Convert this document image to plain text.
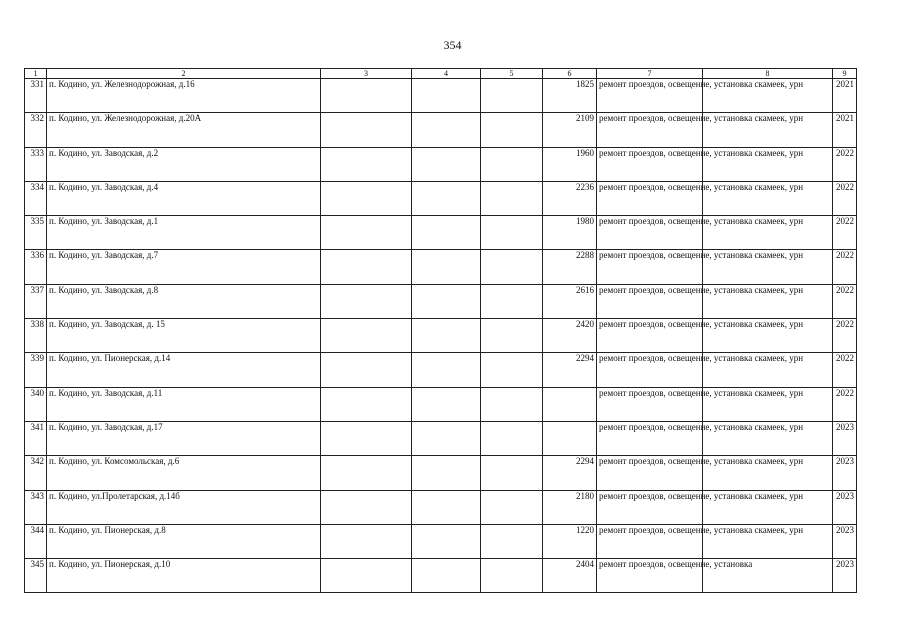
354
1	2	3	4	5	6	7	8	9
331	п. Кодино, ул. Железнодорожная, д.16				1825	ремонт проездов, освещение, установка скамеек, урн		2021
332	п. Кодино, ул. Железнодорожная, д.20А				2109	ремонт проездов, освещение, установка скамеек, урн		2021
333	п. Кодино, ул. Заводская, д.2				1960	ремонт проездов, освещение, установка скамеек, урн		2022
334	п. Кодино, ул. Заводская, д.4				2236	ремонт проездов, освещение, установка скамеек, урн		2022
335	п. Кодино, ул. Заводская, д.1				1980	ремонт проездов, освещение, установка скамеек, урн		2022
336	п. Кодино, ул. Заводская, д.7				2288	ремонт проездов, освещение, установка скамеек, урн		2022
337	п. Кодино, ул. Заводская, д.8				2616	ремонт проездов, освещение, установка скамеек, урн		2022
338	п. Кодино, ул. Заводская, д. 15				2420	ремонт проездов, освещение, установка скамеек, урн		2022
339	п. Кодино, ул. Пионерская, д.14				2294	ремонт проездов, освещение, установка скамеек, урн		2022
340	п. Кодино, ул. Заводская, д.11					ремонт проездов, освещение, установка скамеек, урн		2022
341	п. Кодино, ул. Заводская, д.17					ремонт проездов, освещение, установка скамеек, урн		2023
342	п. Кодино, ул. Комсомольская, д.6				2294	ремонт проездов, освещение, установка скамеек, урн		2023
343	п. Кодино, ул.Пролетарская, д.14б				2180	ремонт проездов, освещение, установка скамеек, урн		2023
344	п. Кодино, ул. Пионерская, д.8				1220	ремонт проездов, освещение, установка скамеек, урн		2023
345	п. Кодино, ул. Пионерская, д.10				2404	ремонт проездов, освещение, установка		2023
